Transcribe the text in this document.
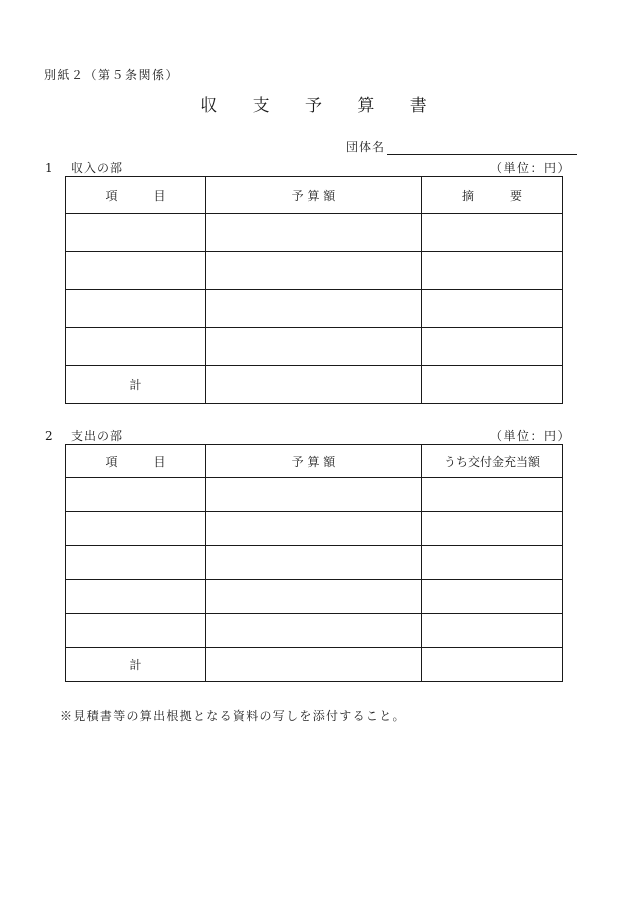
別紙２（第５条関係）
収 支 予 算 書
団体名
1 収入の部	（単位：円）
項　　　目	予 算 額	摘　　　要

計		
2 支出の部	（単位：円）
項　　　目	予 算 額	うち交付金充当額

計		
※見積書等の算出根拠となる資料の写しを添付すること。
